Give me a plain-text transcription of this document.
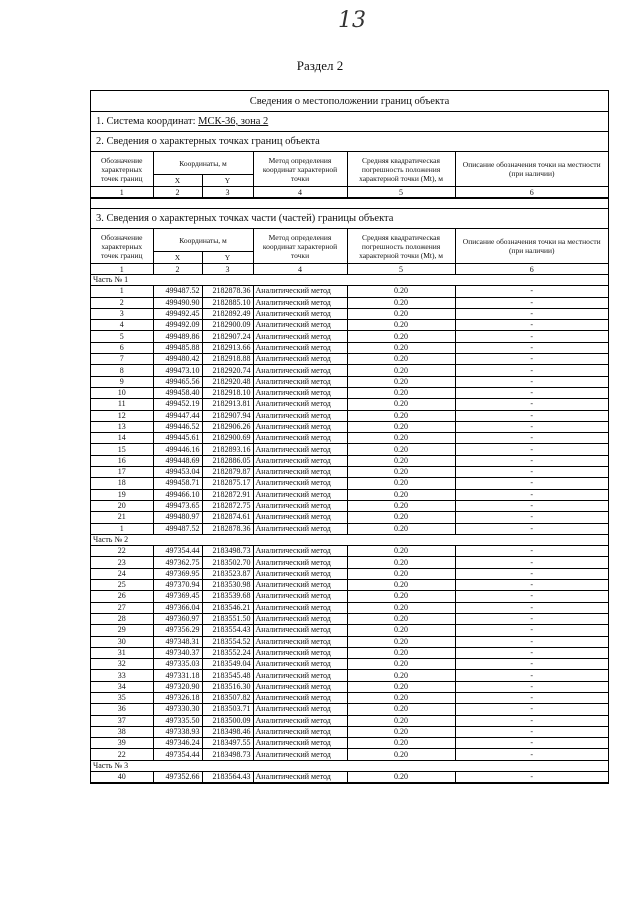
13
Раздел 2
Сведения о местоположении границ объекта
1. Система координат: МСК-36, зона 2
2. Сведения о характерных точках границ объекта
Обозначение характерных точек границ	Координаты, м		Метод определения координат характерной точки	Средняя квадратическая погрешность положения характерной точки (Mt), м	Описание обозначения точки на местности (при наличии)
	X	Y			
1	2	3	4	5	6
3. Сведения о характерных точках части (частей) границы объекта
Обозначение характерных точек границ	Координаты, м		Метод определения координат характерной точки	Средняя квадратическая погрешность положения характерной точки (Mt), м	Описание обозначения точки на местности (при наличии)
	X	Y			
1	2	3	4	5	6
Часть № 1					
1	499487.52	2182878.36	Аналитический метод	0.20	-
2	499490.90	2182885.10	Аналитический метод	0.20	-
3	499492.45	2182892.49	Аналитический метод	0.20	-
4	499492.09	2182900.09	Аналитический метод	0.20	-
5	499489.86	2182907.24	Аналитический метод	0.20	-
6	499485.88	2182913.66	Аналитический метод	0.20	-
7	499480.42	2182918.88	Аналитический метод	0.20	-
8	499473.10	2182920.74	Аналитический метод	0.20	-
9	499465.56	2182920.48	Аналитический метод	0.20	-
10	499458.40	2182918.10	Аналитический метод	0.20	-
11	499452.19	2182913.81	Аналитический метод	0.20	-
12	499447.44	2182907.94	Аналитический метод	0.20	-
13	499446.52	2182906.26	Аналитический метод	0.20	-
14	499445.61	2182900.69	Аналитический метод	0.20	-
15	499446.16	2182893.16	Аналитический метод	0.20	-
16	499448.69	2182886.05	Аналитический метод	0.20	-
17	499453.04	2182879.87	Аналитический метод	0.20	-
18	499458.71	2182875.17	Аналитический метод	0.20	-
19	499466.10	2182872.91	Аналитический метод	0.20	-
20	499473.65	2182872.75	Аналитический метод	0.20	-
21	499480.97	2182874.61	Аналитический метод	0.20	-
1	499487.52	2182878.36	Аналитический метод	0.20	-
Часть № 2					
22	497354.44	2183498.73	Аналитический метод	0.20	-
23	497362.75	2183502.70	Аналитический метод	0.20	-
24	497369.95	2183523.87	Аналитический метод	0.20	-
25	497370.94	2183530.98	Аналитический метод	0.20	-
26	497369.45	2183539.68	Аналитический метод	0.20	-
27	497366.04	2183546.21	Аналитический метод	0.20	-
28	497360.97	2183551.50	Аналитический метод	0.20	-
29	497356.29	2183554.43	Аналитический метод	0.20	-
30	497348.31	2183554.52	Аналитический метод	0.20	-
31	497340.37	2183552.24	Аналитический метод	0.20	-
32	497335.03	2183549.04	Аналитический метод	0.20	-
33	497331.18	2183545.48	Аналитический метод	0.20	-
34	497320.90	2183516.30	Аналитический метод	0.20	-
35	497326.18	2183507.82	Аналитический метод	0.20	-
36	497330.30	2183503.71	Аналитический метод	0.20	-
37	497335.50	2183500.09	Аналитический метод	0.20	-
38	497338.93	2183498.46	Аналитический метод	0.20	-
39	497346.24	2183497.55	Аналитический метод	0.20	-
22	497354.44	2183498.73	Аналитический метод	0.20	-
Часть № 3					
40	497352.66	2183564.43	Аналитический метод	0.20	-
